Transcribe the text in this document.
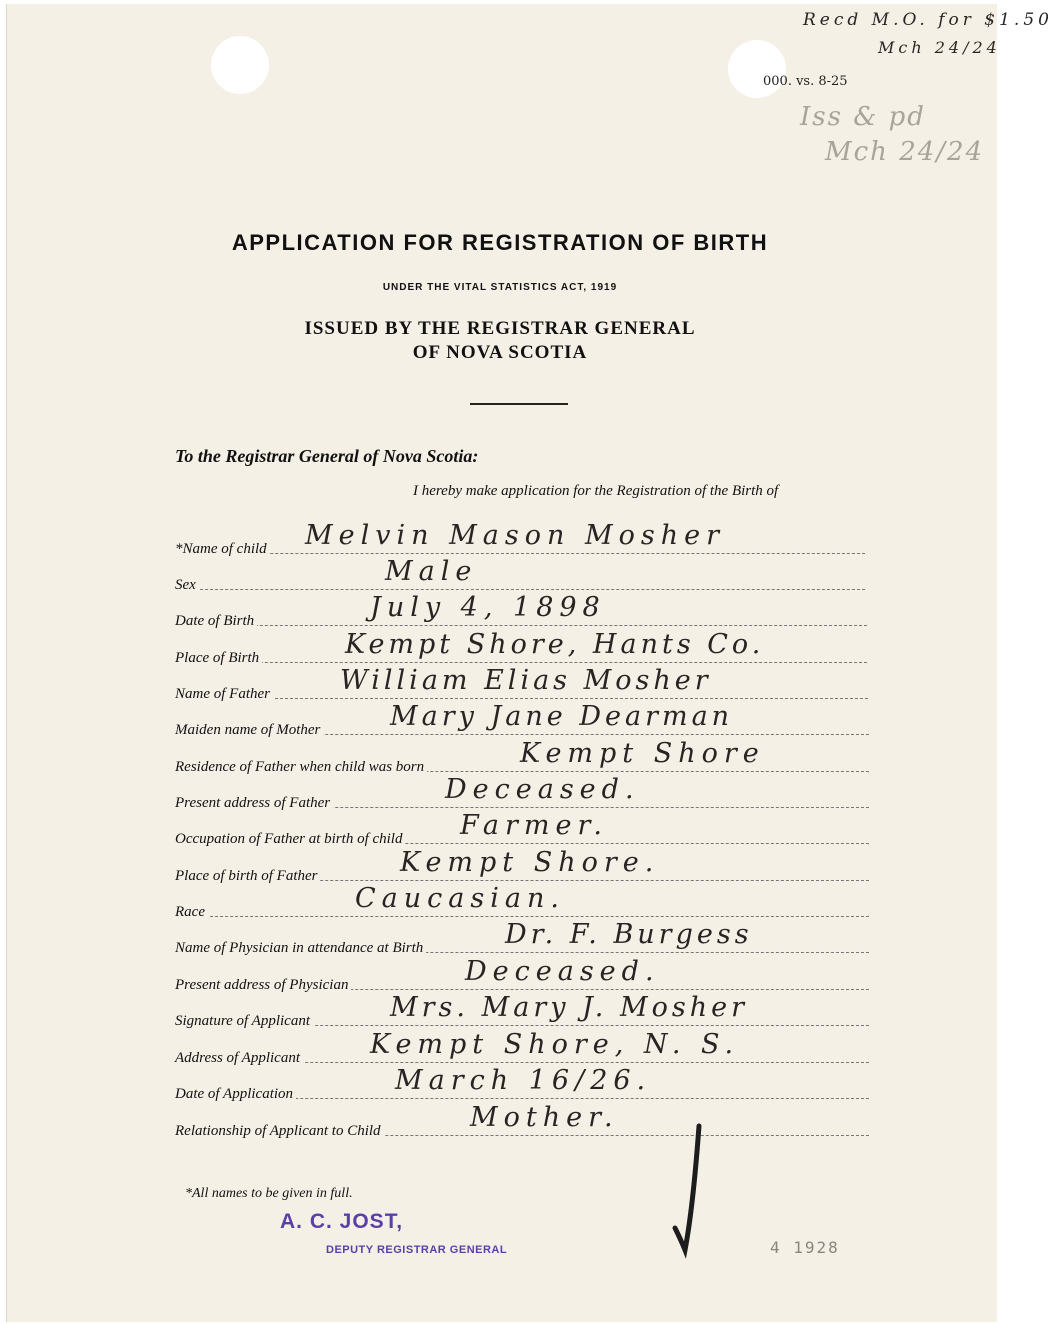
Recd M.O. for $1.50
Mch 24/24
000. vs. 8-25
Iss & pd
Mch 24/24
APPLICATION FOR REGISTRATION OF BIRTH
UNDER THE VITAL STATISTICS ACT, 1919
ISSUED BY THE REGISTRAR GENERAL
OF NOVA SCOTIA
To the Registrar General of Nova Scotia:
I hereby make application for the Registration of the Birth of
*Name of child Melvin Mason Mosher
Sex	Male
Date of Birth	July 4, 1898
Place of Birth	Kempt Shore, Hants Co.
Name of Father	William Elias Mosher
Maiden name of Mother	Mary Jane Dearman
Residence of Father when child was born	Kempt Shore
Present address of Father	Deceased.
Occupation of Father at birth of child Farmer.
Place of birth of Father	Kempt Shore.
Race	Caucasian.
Name of Physician in attendance at Birth	Dr. F. Burgess
Present address of Physician	Deceased.
Signature of Applicant	Mrs. Mary J. Mosher
Address of Applicant	Kempt Shore, N. S.
Date of Application	March 16/26.
Relationship of Applicant to Child	Mother.
*All names to be given in full.
A. C. JOST,
DEPUTY REGISTRAR GENERAL	4 1928
